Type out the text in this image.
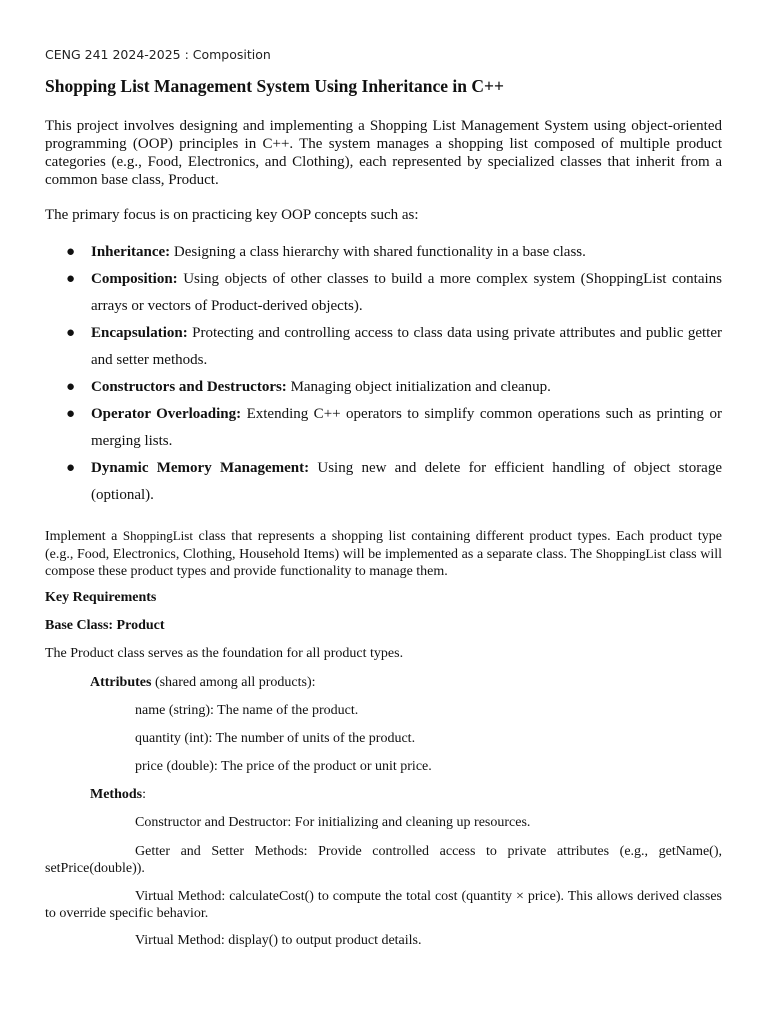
CENG 241 2024-2025 : Composition
Shopping List Management System Using Inheritance in C++

This project involves designing and implementing a Shopping List Management System using object-oriented programming (OOP) principles in C++. The system manages a shopping list composed of multiple product categories (e.g., Food, Electronics, and Clothing), each represented by specialized classes that inherit from a common base class, Product.

The primary focus is on practicing key OOP concepts such as:

● Inheritance: Designing a class hierarchy with shared functionality in a base class.
● Composition: Using objects of other classes to build a more complex system (ShoppingList contains arrays or vectors of Product-derived objects).
● Encapsulation: Protecting and controlling access to class data using private attributes and public getter and setter methods.
● Constructors and Destructors: Managing object initialization and cleanup.
● Operator Overloading: Extending C++ operators to simplify common operations such as printing or merging lists.
● Dynamic Memory Management: Using new and delete for efficient handling of object storage (optional).

Implement a ShoppingList class that represents a shopping list containing different product types. Each product type (e.g., Food, Electronics, Clothing, Household Items) will be implemented as a separate class. The ShoppingList class will compose these product types and provide functionality to manage them.

Key Requirements

Base Class: Product

The Product class serves as the foundation for all product types.

Attributes (shared among all products):

name (string): The name of the product.

quantity (int): The number of units of the product.

price (double): The price of the product or unit price.

Methods:

Constructor and Destructor: For initializing and cleaning up resources.

Getter and Setter Methods: Provide controlled access to private attributes (e.g., getName(), setPrice(double)).

Virtual Method: calculateCost() to compute the total cost (quantity × price). This allows derived classes to override specific behavior.

Virtual Method: display() to output product details.
